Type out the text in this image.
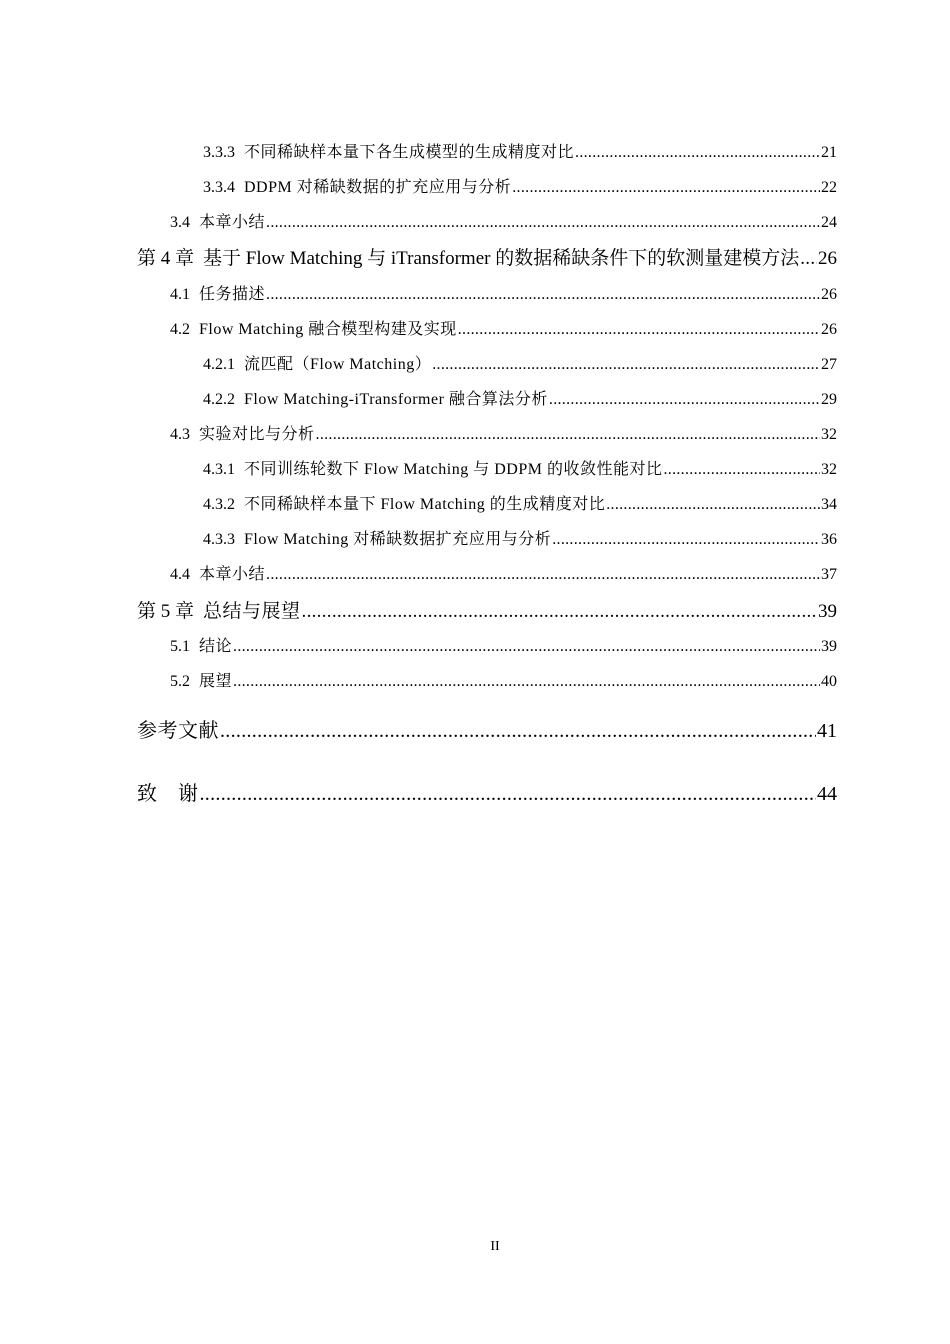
3.3.3 不同稀缺样本量下各生成模型的生成精度对比 .....	21
3.3.4 DDPM 对稀缺数据的扩充应用与分析 .....	22
3.4 本章小结 .....	24
第 4 章 基于 Flow Matching 与 iTransformer 的数据稀缺条件下的软测量建模方法 ..... 26
4.1 任务描述 .....	26
4.2 Flow Matching 融合模型构建及实现 .....	26
4.2.1 流匹配（Flow Matching） .....	27
4.2.2 Flow Matching-iTransformer 融合算法分析 .....	29
4.3 实验对比与分析 .....	32
4.3.1 不同训练轮数下 Flow Matching 与 DDPM 的收敛性能对比 .....	32
4.3.2 不同稀缺样本量下 Flow Matching 的生成精度对比 .....	34
4.3.3 Flow Matching 对稀缺数据扩充应用与分析 .....	36
4.4 本章小结 .....	37
第 5 章 总结与展望 .....	39
5.1 结论 .....	39
5.2 展望 .....	40
参考文献 .....	41
致　谢 .....	44
II
